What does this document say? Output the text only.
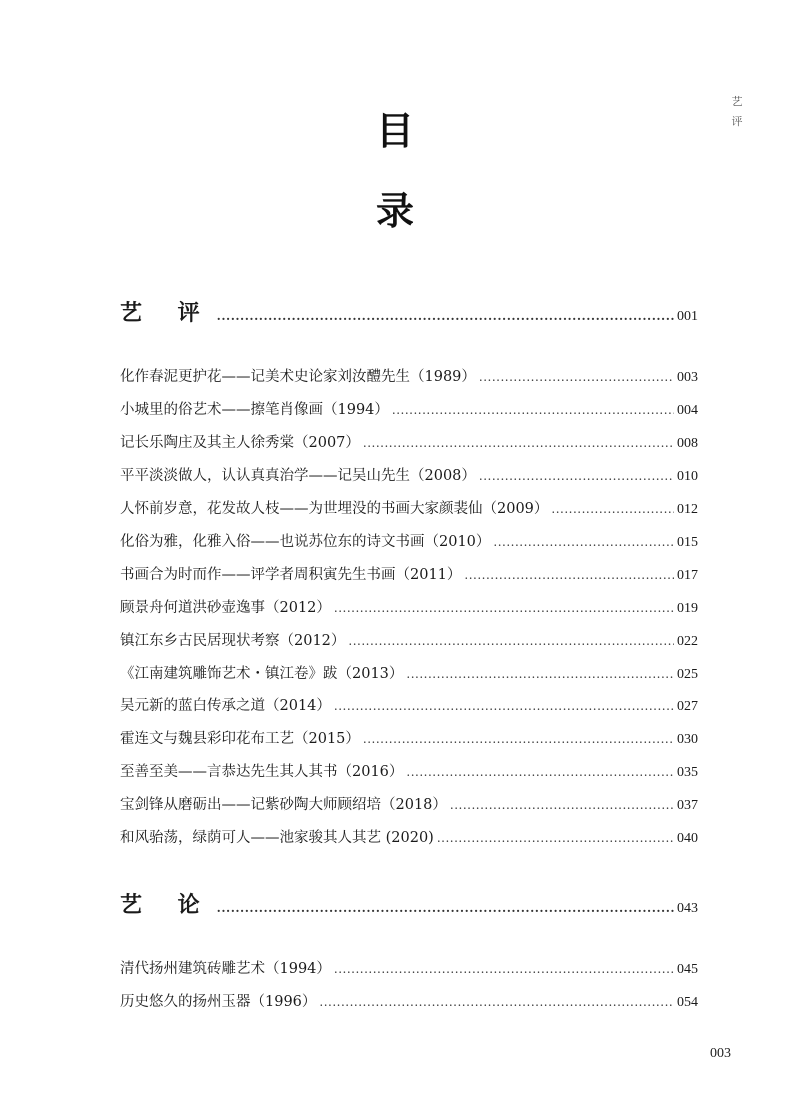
艺评
目
录
艺 评 .....	001
化作春泥更护花——记美术史论家刘汝醴先生（1989） .....	003
小城里的俗艺术——擦笔肖像画（1994） .....	004
记长乐陶庄及其主人徐秀棠（2007） .....	008
平平淡淡做人，认认真真治学——记吴山先生（2008） .....	010
人怀前岁意，花发故人枝——为世埋没的书画大家颜裴仙（2009） .....	012
化俗为雅，化雅入俗——也说苏位东的诗文书画（2010） .....	015
书画合为时而作——评学者周积寅先生书画（2011） .....	017
顾景舟何道洪砂壶逸事（2012） .....	019
镇江东乡古民居现状考察（2012） .....	022
《江南建筑雕饰艺术・镇江卷》跋（2013） .....	025
吴元新的蓝白传承之道（2014） .....	027
霍连文与魏县彩印花布工艺（2015） .....	030
至善至美——言恭达先生其人其书（2016） .....	035
宝剑锋从磨砺出——记紫砂陶大师顾绍培（2018） .....	037
和风骀荡，绿荫可人——池家骏其人其艺 (2020) .....	040
艺 论 .....	043
清代扬州建筑砖雕艺术（1994） .....	045
历史悠久的扬州玉器（1996） .....	054
003
